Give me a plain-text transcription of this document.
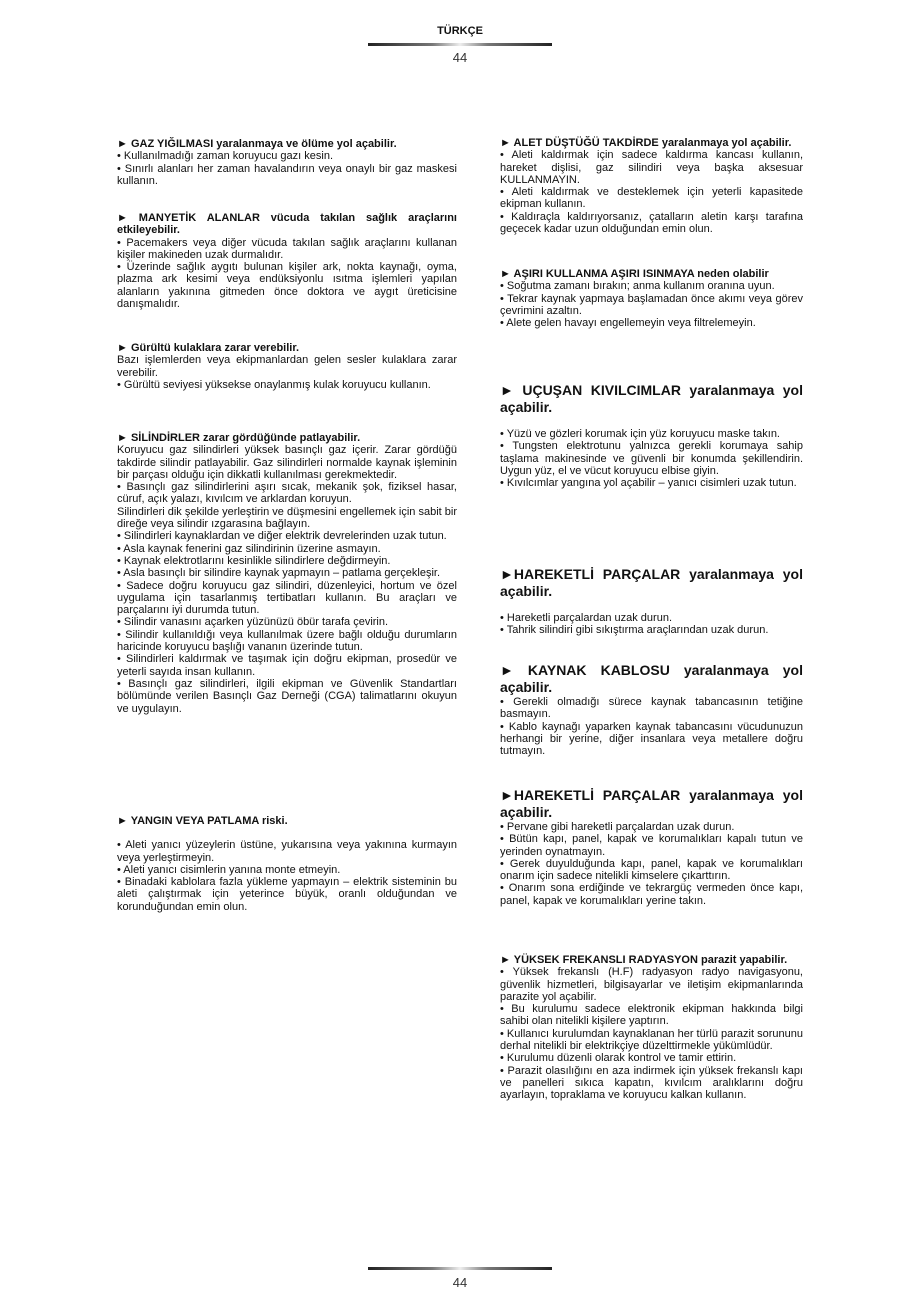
TÜRKÇE
44
► GAZ YIĞILMASI yaralanmaya ve ölüme yol açabilir.

• Kullanılmadığı zaman koruyucu gazı kesin.

• Sınırlı alanları her zaman havalandırın veya onaylı bir gaz maskesi kullanın.

► MANYETİK ALANLAR vücuda takılan sağlık araçlarını etkileyebilir.

• Pacemakers veya diğer vücuda takılan sağlık araçlarını kullanan kişiler makineden uzak durmalıdır.

• Üzerinde sağlık aygıtı bulunan kişiler ark, nokta kaynağı, oyma, plazma ark kesimi veya endüksiyonlu ısıtma işlemleri yapılan alanların yakınına gitmeden önce doktora ve aygıt üreticisine danışmalıdır.

► Gürültü kulaklara zarar verebilir.

Bazı işlemlerden veya ekipmanlardan gelen sesler kulaklara zarar verebilir.

• Gürültü seviyesi yüksekse onaylanmış kulak koruyucu kullanın.

► SİLİNDİRLER zarar gördüğünde patlayabilir.

Koruyucu gaz silindirleri yüksek basınçlı gaz içerir. Zarar gördüğü takdirde silindir patlayabilir. Gaz silindirleri normalde kaynak işleminin bir parçası olduğu için dikkatli kullanılması gerekmektedir.

• Basınçlı gaz silindirlerini aşırı sıcak, mekanik şok, fiziksel hasar, cüruf, açık yalazı, kıvılcım ve arklardan koruyun.

Silindirleri dik şekilde yerleştirin ve düşmesini engellemek için sabit bir direğe veya silindir ızgarasına bağlayın.

• Silindirleri kaynaklardan ve diğer elektrik devrelerinden uzak tutun.

• Asla kaynak fenerini gaz silindirinin üzerine asmayın.

• Kaynak elektrotlarını kesinlikle silindirlere değdirmeyin.

• Asla basınçlı bir silindire kaynak yapmayın – patlama gerçekleşir.

• Sadece doğru koruyucu gaz silindiri, düzenleyici, hortum ve özel uygulama için tasarlanmış tertibatları kullanın. Bu araçları ve parçalarını iyi durumda tutun.

• Silindir vanasını açarken yüzünüzü öbür tarafa çevirin.

• Silindir kullanıldığı veya kullanılmak üzere bağlı olduğu durumların haricinde koruyucu başlığı vananın üzerinde tutun.

• Silindirleri kaldırmak ve taşımak için doğru ekipman, prosedür ve yeterli sayıda insan kullanın.

• Basınçlı gaz silindirleri, ilgili ekipman ve Güvenlik Standartları bölümünde verilen Basınçlı Gaz Derneği (CGA) talimatlarını okuyun ve uygulayın.

► YANGIN VEYA PATLAMA riski.

• Aleti yanıcı yüzeylerin üstüne, yukarısına veya yakınına kurmayın veya yerleştirmeyin.

• Aleti yanıcı cisimlerin yanına monte etmeyin.

• Binadaki kablolara fazla yükleme yapmayın – elektrik sisteminin bu aleti çalıştırmak için yeterince büyük, oranlı olduğundan ve korunduğundan emin olun.

► ALET DÜŞTÜĞÜ TAKDİRDE yaralanmaya yol açabilir.

• Aleti kaldırmak için sadece kaldırma kancası kullanın, hareket dişlisi, gaz silindiri veya başka aksesuar KULLANMAYIN.

• Aleti kaldırmak ve desteklemek için yeterli kapasitede ekipman kullanın.

• Kaldıraçla kaldırıyorsanız, çatalların aletin karşı tarafına geçecek kadar uzun olduğundan emin olun.

► AŞIRI KULLANMA AŞIRI ISINMAYA neden olabilir

• Soğutma zamanı bırakın; anma kullanım oranına uyun.

• Tekrar kaynak yapmaya başlamadan önce akımı veya görev çevrimini azaltın.

• Alete gelen havayı engellemeyin veya filtrelemeyin.

► UÇUŞAN KIVILCIMLAR yaralanmaya yol açabilir.

• Yüzü ve gözleri korumak için yüz koruyucu maske takın.

• Tungsten elektrotunu yalnızca gerekli korumaya sahip taşlama makinesinde ve güvenli bir konumda şekillendirin. Uygun yüz, el ve vücut koruyucu elbise giyin.

• Kıvılcımlar yangına yol açabilir – yanıcı cisimleri uzak tutun.

►HAREKETLİ PARÇALAR yaralanmaya yol açabilir.

• Hareketli parçalardan uzak durun.

• Tahrik silindiri gibi sıkıştırma araçlarından uzak durun.

► KAYNAK KABLOSU yaralanmaya yol açabilir.

• Gerekli olmadığı sürece kaynak tabancasının tetiğine basmayın.

• Kablo kaynağı yaparken kaynak tabancasını vücudunuzun herhangi bir yerine, diğer insanlara veya metallere doğru tutmayın.

►HAREKETLİ PARÇALAR yaralanmaya yol açabilir.

• Pervane gibi hareketli parçalardan uzak durun.

• Bütün kapı, panel, kapak ve korumalıkları kapalı tutun ve yerinden oynatmayın.

• Gerek duyulduğunda kapı, panel, kapak ve korumalıkları onarım için sadece nitelikli kimselere çıkarttırın.

• Onarım sona erdiğinde ve tekrargüç vermeden önce kapı, panel, kapak ve korumalıkları yerine takın.

► YÜKSEK FREKANSLI RADYASYON parazit yapabilir.

• Yüksek frekanslı (H.F) radyasyon radyo navigasyonu, güvenlik hizmetleri, bilgisayarlar ve iletişim ekipmanlarında parazite yol açabilir.

• Bu kurulumu sadece elektronik ekipman hakkında bilgi sahibi olan nitelikli kişilere yaptırın.

• Kullanıcı kurulumdan kaynaklanan her türlü parazit sorununu derhal nitelikli bir elektrikçiye düzelttirmekle yükümlüdür.

• Kurulumu düzenli olarak kontrol ve tamir ettirin.

• Parazit olasılığını en aza indirmek için yüksek frekanslı kapı ve panelleri sıkıca kapatın, kıvılcım aralıklarını doğru ayarlayın, topraklama ve koruyucu kalkan kullanın.

44
